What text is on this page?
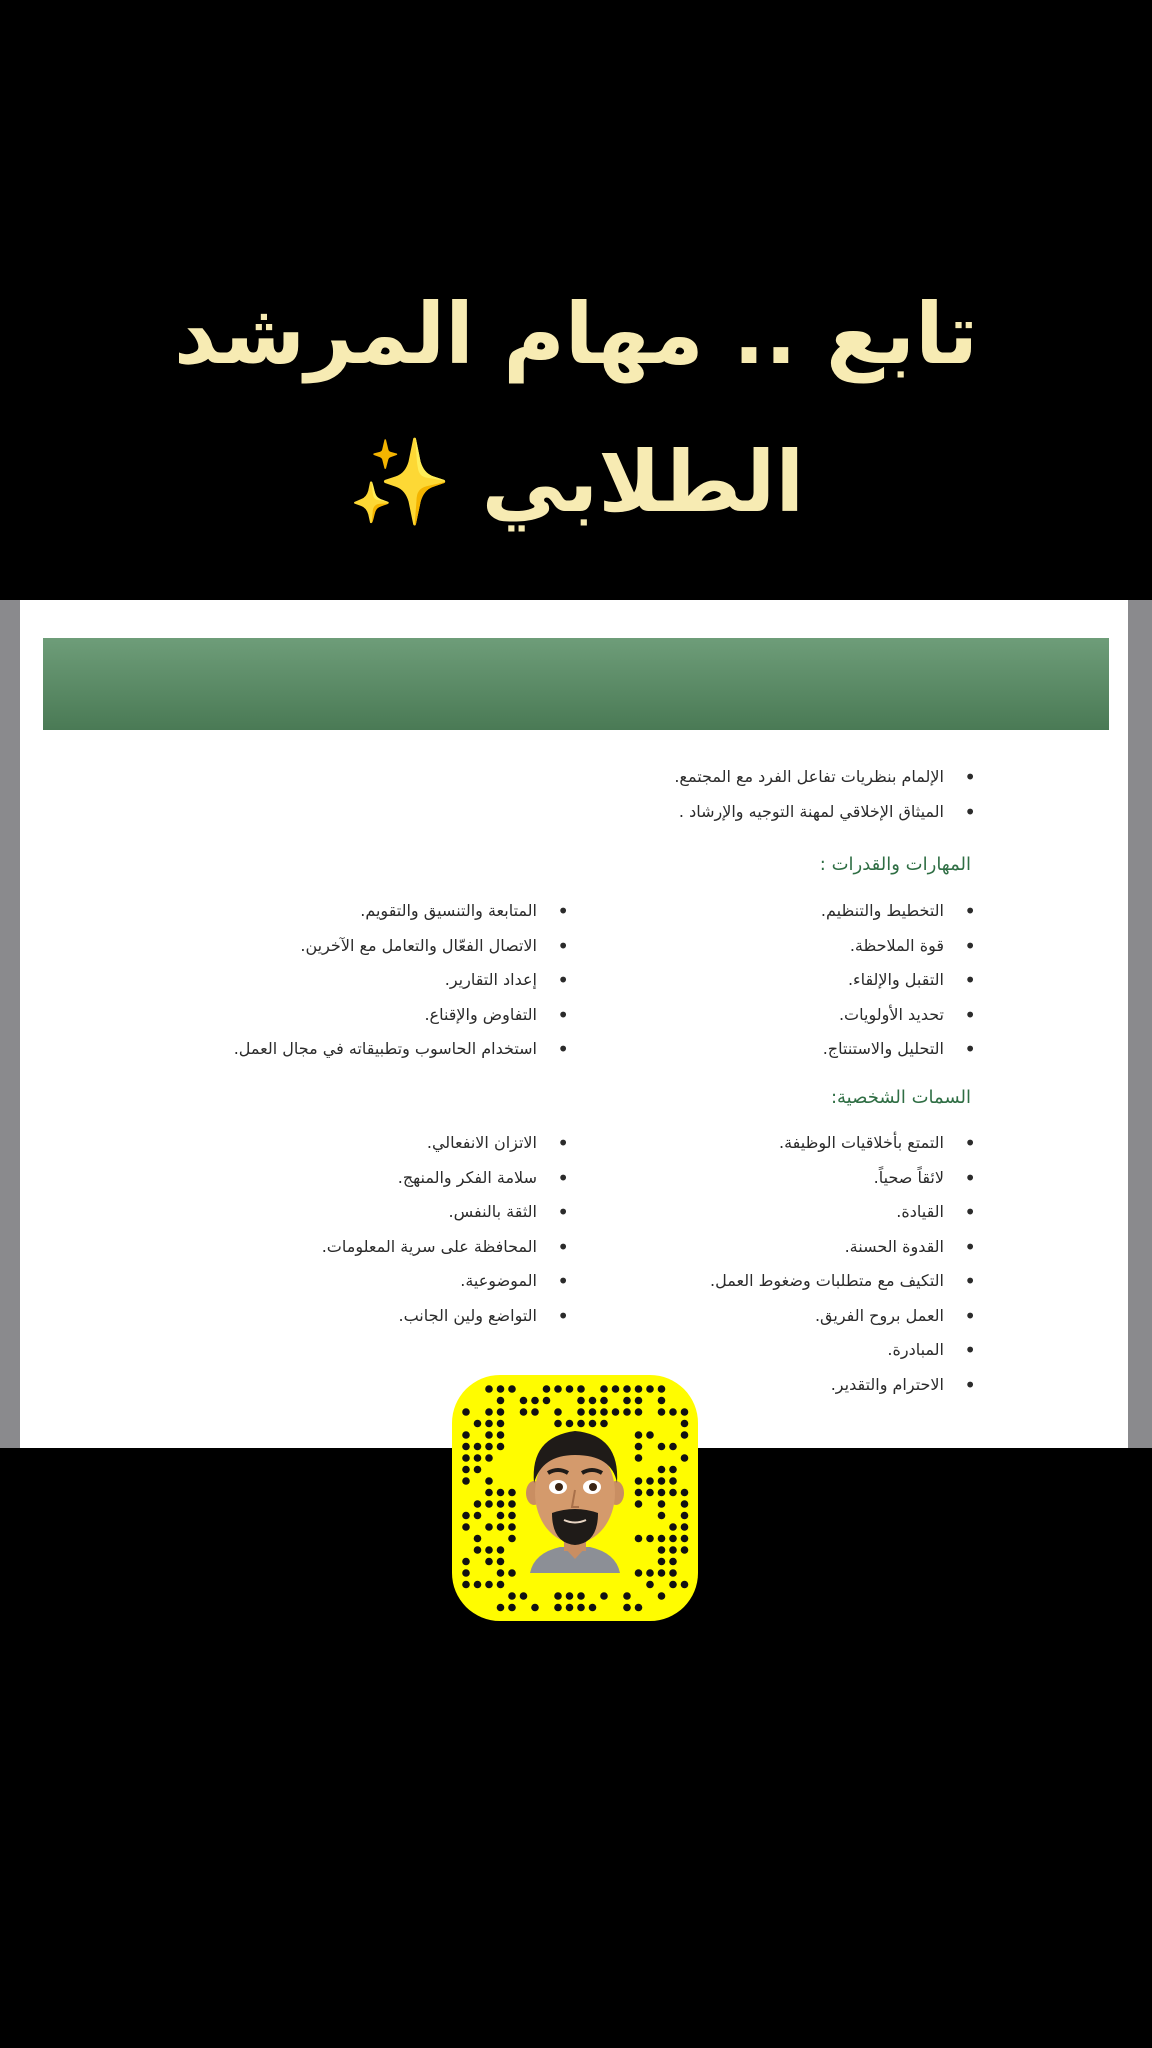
تابع .. مهام المرشد
الطلابي ✨
• الإلمام بنظريات تفاعل الفرد مع المجتمع.
• الميثاق الإخلاقي لمهنة التوجيه والإرشاد .
المهارات والقدرات :
• التخطيط والتنظيم.
• قوة الملاحظة.
• التقبل والإلقاء.
• تحديد الأولويات.
• التحليل والاستنتاج.
• المتابعة والتنسيق والتقويم.
• الاتصال الفعّال والتعامل مع الآخرين.
• إعداد التقارير.
• التفاوض والإقناع.
• استخدام الحاسوب وتطبيقاته في مجال العمل.
السمات الشخصية:
• التمتع بأخلاقيات الوظيفة.
• لائقاً صحياً.
• القيادة.
• القدوة الحسنة.
• التكيف مع متطلبات وضغوط العمل.
• العمل بروح الفريق.
• المبادرة.
• الاحترام والتقدير.
• الاتزان الانفعالي.
• سلامة الفكر والمنهج.
• الثقة بالنفس.
• المحافظة على سرية المعلومات.
• الموضوعية.
• التواضع ولين الجانب.
